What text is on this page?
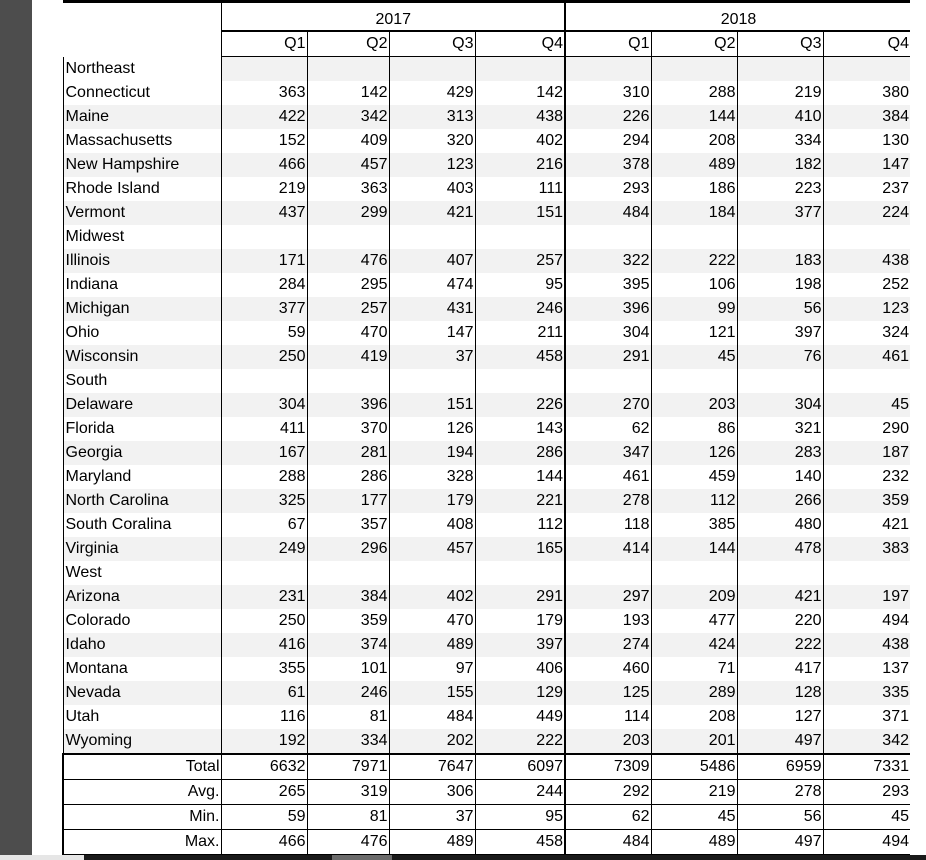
	2017				2018			
	Q1	Q2	Q3	Q4	Q1	Q2	Q3	Q4
Northeast								
Connecticut	363	142	429	142	310	288	219	380
Maine	422	342	313	438	226	144	410	384
Massachusetts	152	409	320	402	294	208	334	130
New Hampshire	466	457	123	216	378	489	182	147
Rhode Island	219	363	403	111	293	186	223	237
Vermont	437	299	421	151	484	184	377	224
Midwest								
Illinois	171	476	407	257	322	222	183	438
Indiana	284	295	474	95	395	106	198	252
Michigan	377	257	431	246	396	99	56	123
Ohio	59	470	147	211	304	121	397	324
Wisconsin	250	419	37	458	291	45	76	461
South								
Delaware	304	396	151	226	270	203	304	45
Florida	411	370	126	143	62	86	321	290
Georgia	167	281	194	286	347	126	283	187
Maryland	288	286	328	144	461	459	140	232
North Carolina	325	177	179	221	278	112	266	359
South Coralina	67	357	408	112	118	385	480	421
Virginia	249	296	457	165	414	144	478	383
West								
Arizona	231	384	402	291	297	209	421	197
Colorado	250	359	470	179	193	477	220	494
Idaho	416	374	489	397	274	424	222	438
Montana	355	101	97	406	460	71	417	137
Nevada	61	246	155	129	125	289	128	335
Utah	116	81	484	449	114	208	127	371
Wyoming	192	334	202	222	203	201	497	342
Total	6632	7971	7647	6097	7309	5486	6959	7331
Avg.	265	319	306	244	292	219	278	293
Min.	59	81	37	95	62	45	56	45
Max.	466	476	489	458	484	489	497	494
